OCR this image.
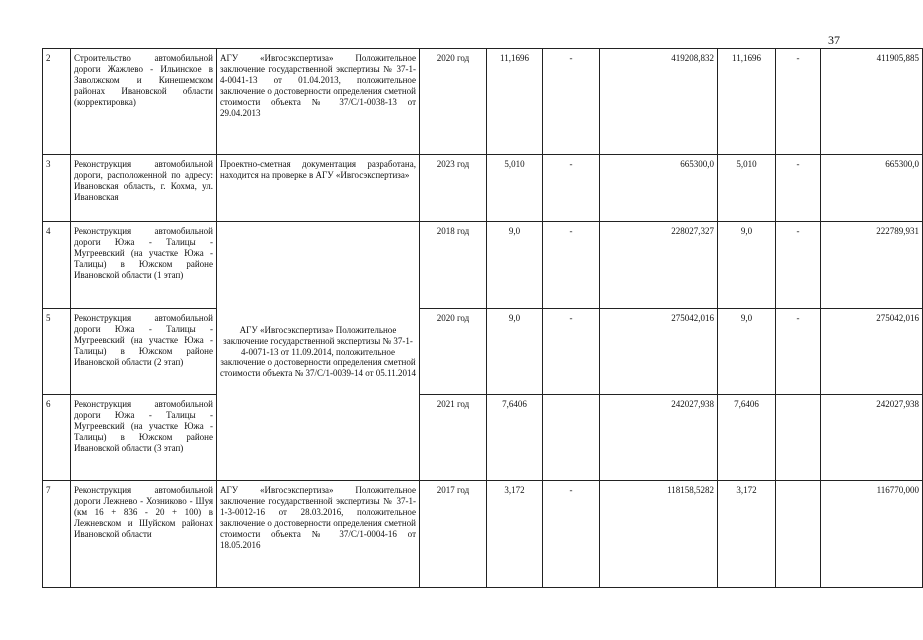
37
2	Строительство автомобильной дороги Жажлево - Ильинское в Заволжском и Кинешемском районах Ивановской области (корректировка)	АГУ «Ивгосэкспертиза» Положительное заключение государственной экспертизы № 37-1-4-0041-13 от 01.04.2013, положительное заключение о достоверности определения сметной стоимости объекта № 37/С/1-0038-13 от 29.04.2013	2020 год	11,1696	-	419208,832	11,1696	-	411905,885
3	Реконструкция автомобильной дороги, расположенной по адресу: Ивановская область, г. Кохма, ул. Ивановская	Проектно-сметная документация разработана, находится на проверке в АГУ «Ивгосэкспертиза»	2023 год	5,010	-	665300,0	5,010	-	665300,0
4	Реконструкция автомобильной дороги Южа - Талицы - Мугреевский (на участке Южа - Талицы) в Южском районе Ивановской области (1 этап)	АГУ «Ивгосэкспертиза» Положительное заключение государственной экспертизы № 37-1-4-0071-13 от 11.09.2014, положительное заключение о достоверности определения сметной стоимости объекта № 37/С/1-0039-14 от 05.11.2014	2018 год	9,0	-	228027,327	9,0	-	222789,931
5	Реконструкция автомобильной дороги Южа - Талицы - Мугреевский (на участке Южа - Талицы) в Южском районе Ивановской области (2 этап)		2020 год	9,0	-	275042,016	9,0	-	275042,016
6	Реконструкция автомобильной дороги Южа - Талицы - Мугреевский (на участке Южа - Талицы) в Южском районе Ивановской области (3 этап)		2021 год	7,6406		242027,938	7,6406		242027,938
7	Реконструкция автомобильной дороги Лежнево - Хозниково - Шуя (км 16 + 836 - 20 + 100) в Лежневском и Шуйском районах Ивановской области	АГУ «Ивгосэкспертиза» Положительное заключение государственной экспертизы № 37-1-1-3-0012-16 от 28.03.2016, положительное заключение о достоверности определения сметной стоимости объекта № 37/С/1-0004-16 от 18.05.2016	2017 год	3,172	-	118158,5282	3,172		116770,000
